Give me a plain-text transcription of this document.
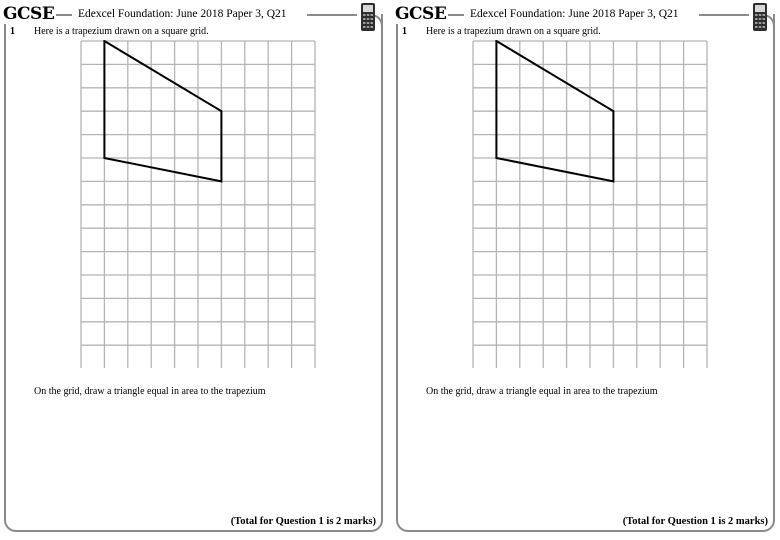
GCSE Edexcel Foundation: June 2018 Paper 3, Q21
1 Here is a trapezium drawn on a square grid.
On the grid, draw a triangle equal in area to the trapezium
(Total for Question 1 is 2 marks)
GCSE Edexcel Foundation: June 2018 Paper 3, Q21
1 Here is a trapezium drawn on a square grid.
On the grid, draw a triangle equal in area to the trapezium
(Total for Question 1 is 2 marks)
